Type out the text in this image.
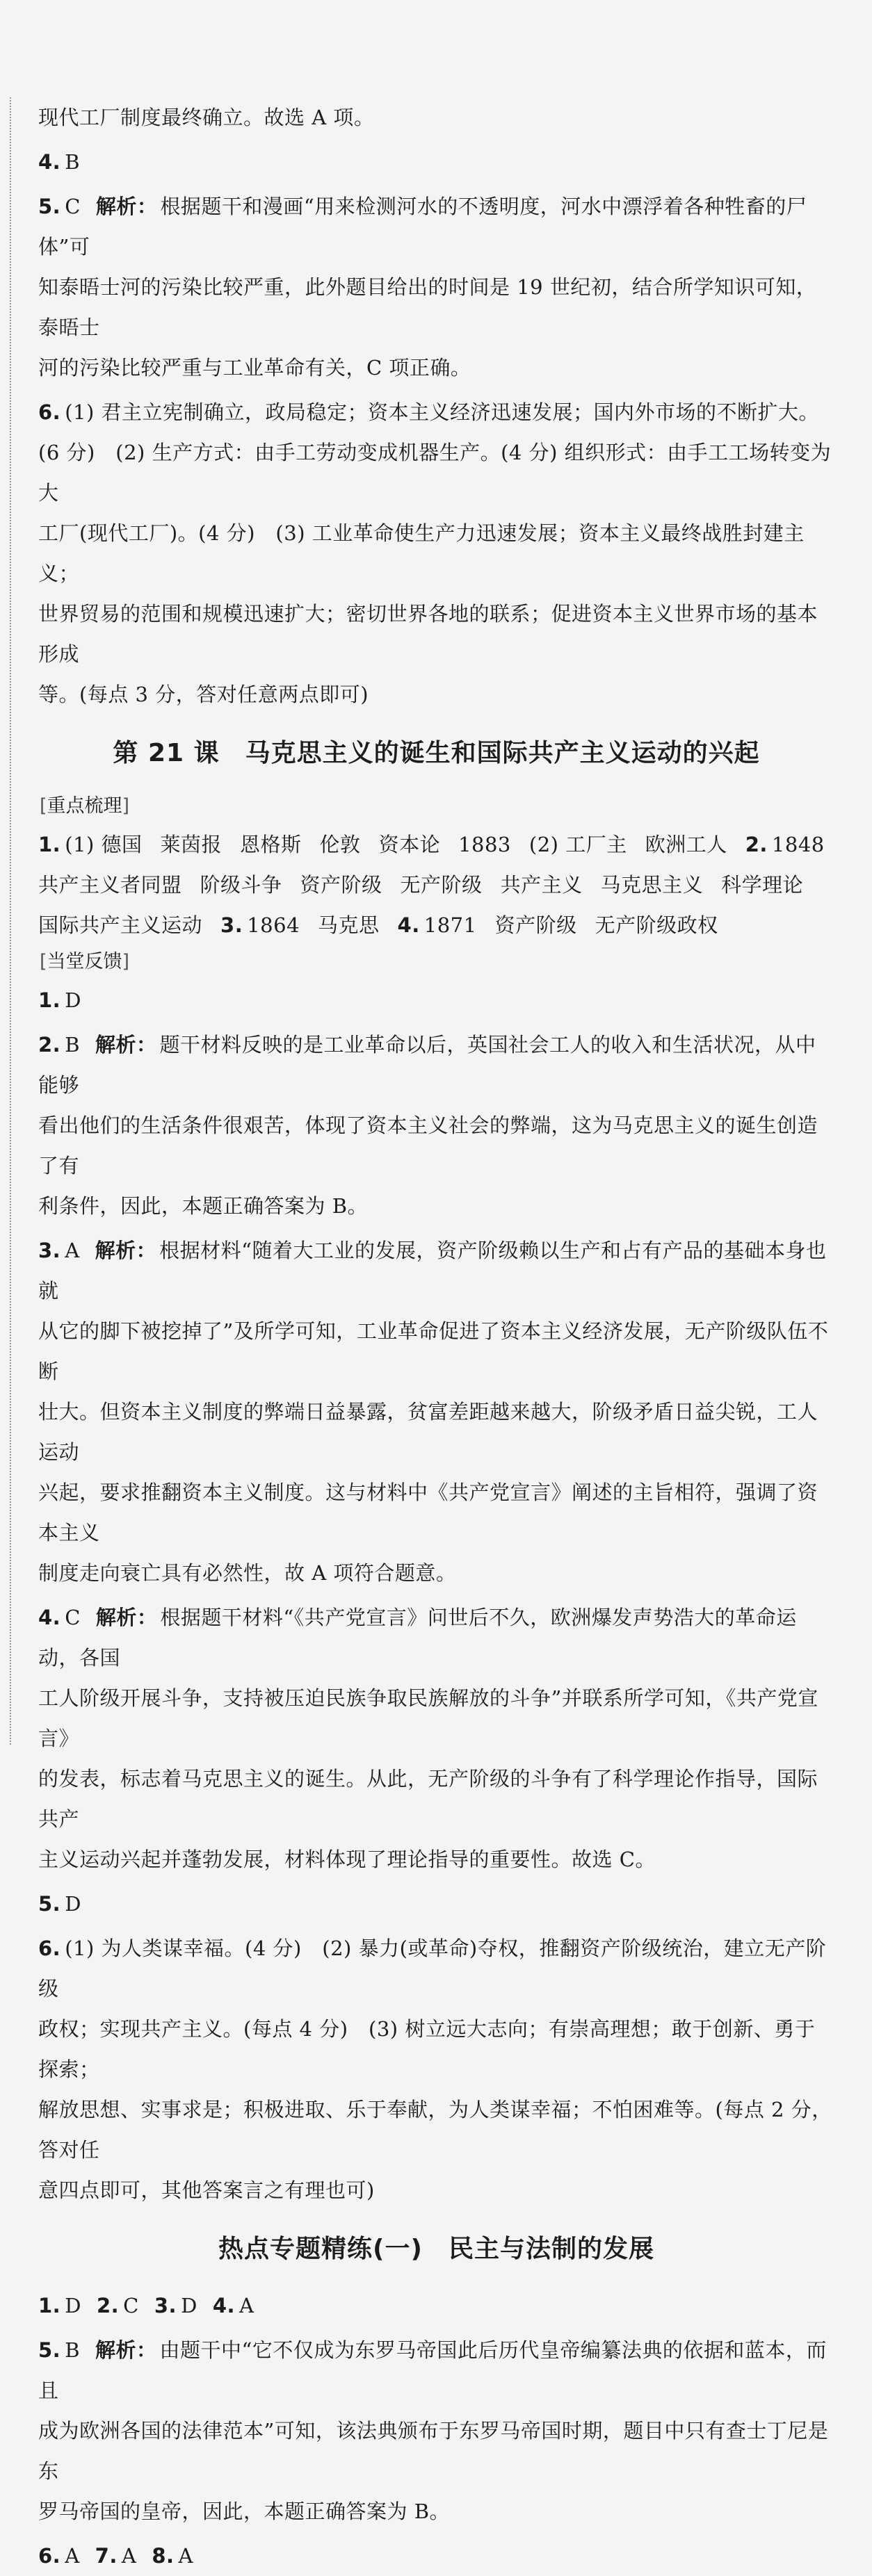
现代工厂制度最终确立。故选 A 项。

4. B

5. C 解析： 根据题干和漫画“用来检测河水的不透明度，河水中漂浮着各种牲畜的尸体”可

知泰晤士河的污染比较严重，此外题目给出的时间是 19 世纪初，结合所学知识可知，泰晤士

河的污染比较严重与工业革命有关，C 项正确。

6. (1) 君主立宪制确立，政局稳定；资本主义经济迅速发展；国内外市场的不断扩大。

(6 分)　(2) 生产方式：由手工劳动变成机器生产。(4 分) 组织形式：由手工工场转变为大

工厂(现代工厂)。(4 分)　(3) 工业革命使生产力迅速发展；资本主义最终战胜封建主义；

世界贸易的范围和规模迅速扩大；密切世界各地的联系；促进资本主义世界市场的基本形成

等。(每点 3 分，答对任意两点即可)

第 21 课　马克思主义的诞生和国际共产主义运动的兴起
[重点梳理]

1. (1) 德国 莱茵报 恩格斯 伦敦 资本论 1883 (2) 工厂主 欧洲工人 2. 1848

共产主义者同盟 阶级斗争 资产阶级 无产阶级 共产主义 马克思主义 科学理论

国际共产主义运动 3. 1864 马克思 4. 1871 资产阶级 无产阶级政权

[当堂反馈]

1. D

2. B 解析： 题干材料反映的是工业革命以后，英国社会工人的收入和生活状况，从中能够

看出他们的生活条件很艰苦，体现了资本主义社会的弊端，这为马克思主义的诞生创造了有

利条件，因此，本题正确答案为 B。

3. A 解析： 根据材料“随着大工业的发展，资产阶级赖以生产和占有产品的基础本身也就

从它的脚下被挖掉了”及所学可知，工业革命促进了资本主义经济发展，无产阶级队伍不断

壮大。但资本主义制度的弊端日益暴露，贫富差距越来越大，阶级矛盾日益尖锐，工人运动

兴起，要求推翻资本主义制度。这与材料中《共产党宣言》阐述的主旨相符，强调了资本主义

制度走向衰亡具有必然性，故 A 项符合题意。

4. C 解析： 根据题干材料“《共产党宣言》问世后不久，欧洲爆发声势浩大的革命运动，各国

工人阶级开展斗争，支持被压迫民族争取民族解放的斗争”并联系所学可知，《共产党宣言》

的发表，标志着马克思主义的诞生。从此，无产阶级的斗争有了科学理论作指导，国际共产

主义运动兴起并蓬勃发展，材料体现了理论指导的重要性。故选 C。

5. D

6. (1) 为人类谋幸福。(4 分)　(2) 暴力(或革命)夺权，推翻资产阶级统治，建立无产阶级

政权；实现共产主义。(每点 4 分)　(3) 树立远大志向；有崇高理想；敢于创新、勇于探索；

解放思想、实事求是；积极进取、乐于奉献，为人类谋幸福；不怕困难等。(每点 2 分，答对任

意四点即可，其他答案言之有理也可)

热点专题精练(一)　民主与法制的发展

1. D 2. C 3. D 4. A

5. B 解析： 由题干中“它不仅成为东罗马帝国此后历代皇帝编纂法典的依据和蓝本，而且

成为欧洲各国的法律范本”可知，该法典颁布于东罗马帝国时期，题目中只有查士丁尼是东

罗马帝国的皇帝，因此，本题正确答案为 B。

6. A 7. A 8. A
